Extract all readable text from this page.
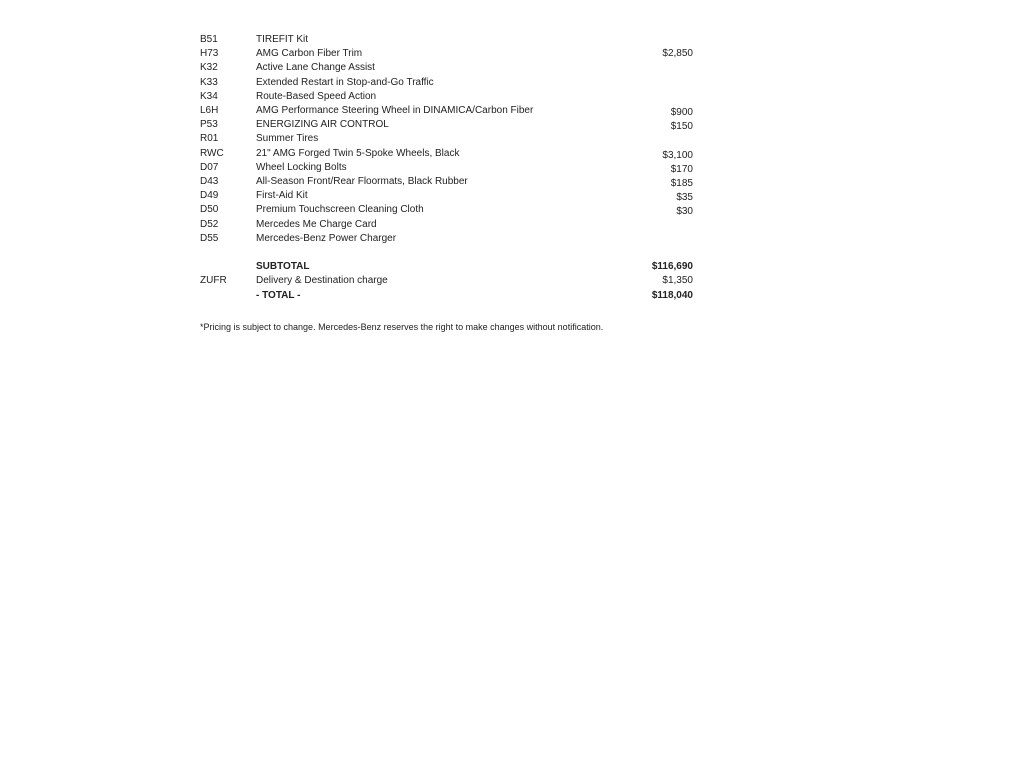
B51	TIREFIT Kit
H73	AMG Carbon Fiber Trim	$2,850
K32	Active Lane Change Assist
K33	Extended Restart in Stop-and-Go Traffic
K34	Route-Based Speed Action
L6H	AMG Performance Steering Wheel in DINAMICA/Carbon Fiber	$900
P53	ENERGIZING AIR CONTROL	$150
R01	Summer Tires
RWC	21" AMG Forged Twin 5-Spoke Wheels, Black	$3,100
D07	Wheel Locking Bolts	$170
D43	All-Season Front/Rear Floormats, Black Rubber	$185
D49	First-Aid Kit	$35
D50	Premium Touchscreen Cleaning Cloth	$30
D52	Mercedes Me Charge Card
D55	Mercedes-Benz Power Charger
SUBTOTAL	$116,690
ZUFR	Delivery & Destination charge	$1,350
- TOTAL -	$118,040
*Pricing is subject to change. Mercedes-Benz reserves the right to make changes without notification.
